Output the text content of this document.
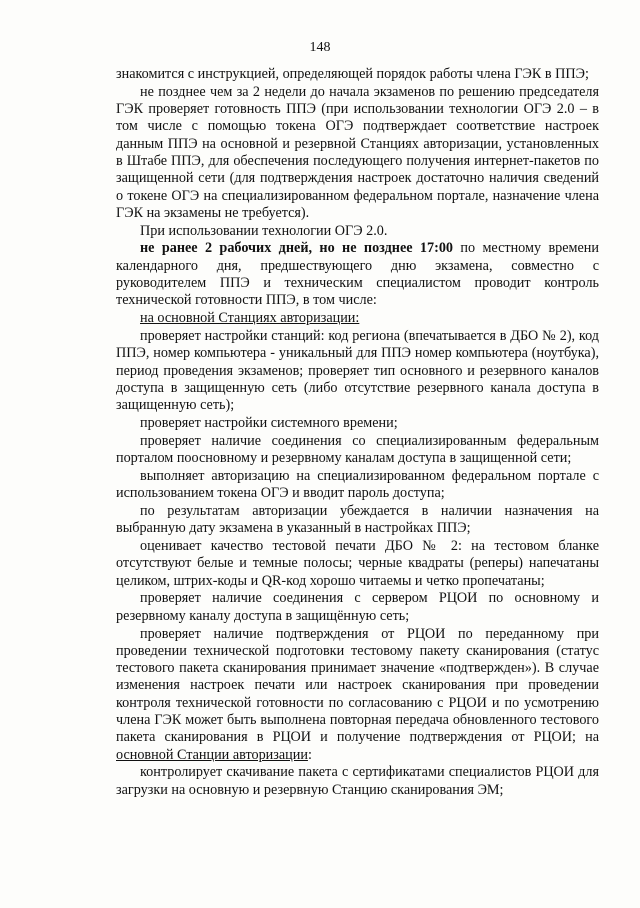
148

знакомится с инструкцией, определяющей порядок работы члена ГЭК в ППЭ;

не позднее чем за 2 недели до начала экзаменов по решению председателя ГЭК проверяет готовность ППЭ (при использовании технологии ОГЭ 2.0 – в том числе с помощью токена ОГЭ подтверждает соответствие настроек данным ППЭ на основной и резервной Станциях авторизации, установленных в Штабе ППЭ, для обеспечения последующего получения интернет-пакетов по защищенной сети (для подтверждения настроек достаточно наличия сведений о токене ОГЭ на специализированном федеральном портале, назначение члена ГЭК на экзамены не требуется).

При использовании технологии ОГЭ 2.0.

не ранее 2 рабочих дней, но не позднее 17:00 по местному времени календарного дня, предшествующего дню экзамена, совместно с руководителем ППЭ и техническим специалистом проводит контроль технической готовности ППЭ, в том числе:

на основной Станциях авторизации:

проверяет настройки станций: код региона (впечатывается в ДБО № 2), код ППЭ, номер компьютера - уникальный для ППЭ номер компьютера (ноутбука), период проведения экзаменов; проверяет тип основного и резервного каналов доступа в защищенную сеть (либо отсутствие резервного канала доступа в защищенную сеть);

проверяет настройки системного времени;

проверяет наличие соединения со специализированным федеральным порталом поосновному и резервному каналам доступа в защищенной сети;

выполняет авторизацию на специализированном федеральном портале с использованием токена ОГЭ и вводит пароль доступа;

по результатам авторизации убеждается в наличии назначения на выбранную дату экзамена в указанный в настройках ППЭ;

оценивает качество тестовой печати ДБО № 2: на тестовом бланке отсутствуют белые и темные полосы; черные квадраты (реперы) напечатаны целиком, штрих-коды и QR-код хорошо читаемы и четко пропечатаны;

проверяет наличие соединения с сервером РЦОИ по основному и резервному каналу доступа в защищённую сеть;

проверяет наличие подтверждения от РЦОИ по переданному при проведении технической подготовки тестовому пакету сканирования (статус тестового пакета сканирования принимает значение «подтвержден»). В случае изменения настроек печати или настроек сканирования при проведении контроля технической готовности по согласованию с РЦОИ и по усмотрению члена ГЭК может быть выполнена повторная передача обновленного тестового пакета сканирования в РЦОИ и получение подтверждения от РЦОИ; на основной Станции авторизации:

контролирует скачивание пакета с сертификатами специалистов РЦОИ для загрузки на основную и резервную Станцию сканирования ЭМ;
